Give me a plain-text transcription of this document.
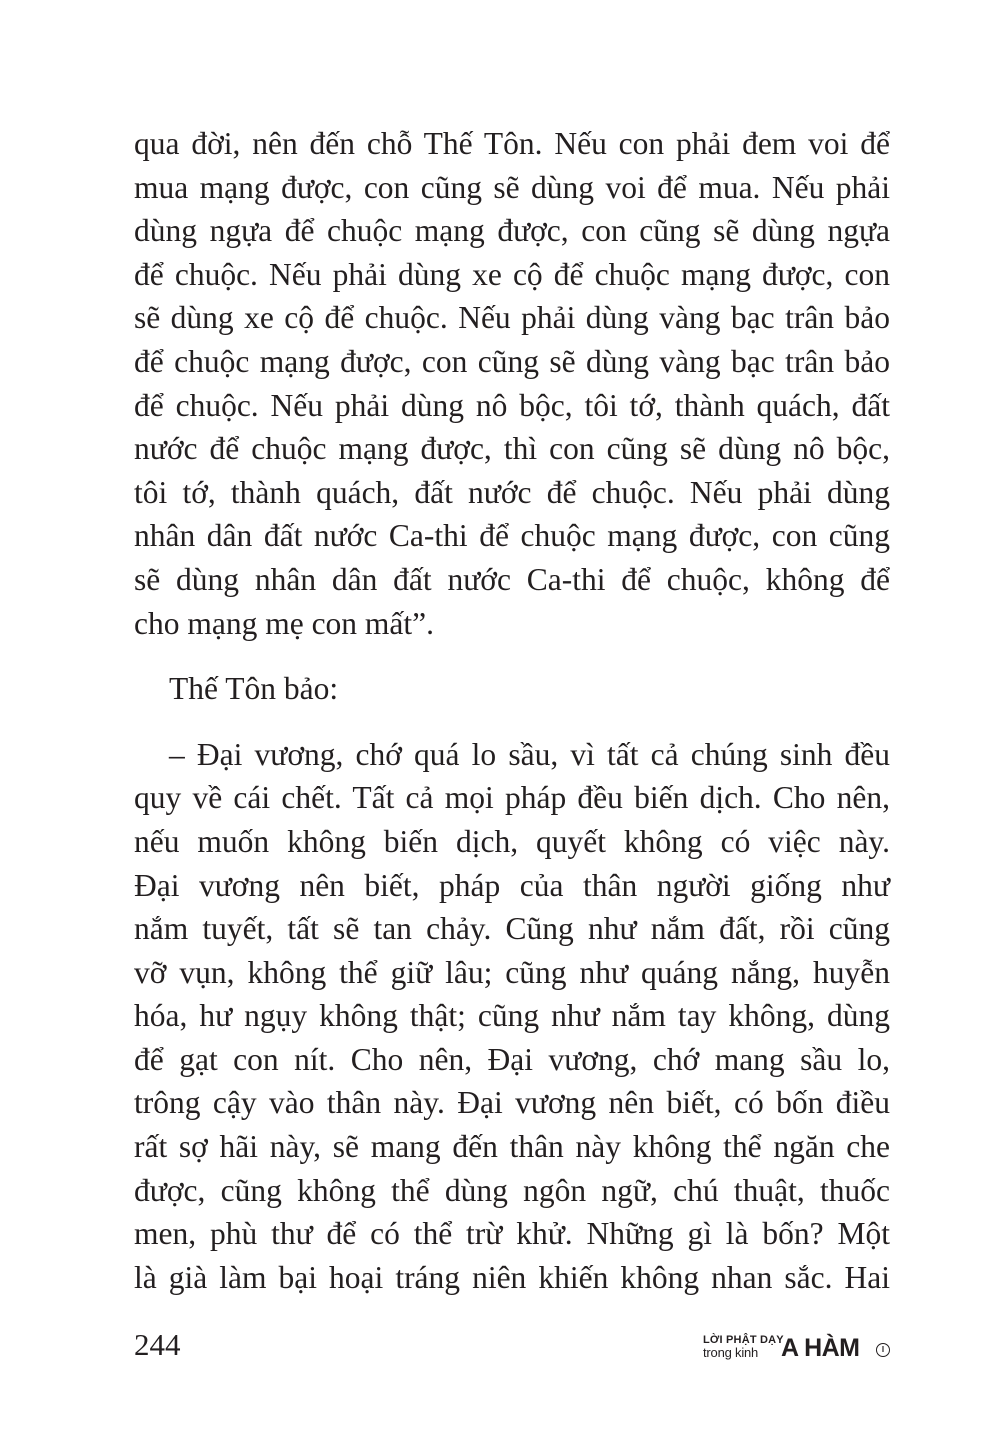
qua đời, nên đến chỗ Thế Tôn. Nếu con phải đem voi để
mua mạng được, con cũng sẽ dùng voi để mua. Nếu phải
dùng ngựa để chuộc mạng được, con cũng sẽ dùng ngựa
để chuộc. Nếu phải dùng xe cộ để chuộc mạng được, con
sẽ dùng xe cộ để chuộc. Nếu phải dùng vàng bạc trân bảo
để chuộc mạng được, con cũng sẽ dùng vàng bạc trân bảo
để chuộc. Nếu phải dùng nô bộc, tôi tớ, thành quách, đất
nước để chuộc mạng được, thì con cũng sẽ dùng nô bộc,
tôi tớ, thành quách, đất nước để chuộc. Nếu phải dùng
nhân dân đất nước Ca-thi để chuộc mạng được, con cũng
sẽ dùng nhân dân đất nước Ca-thi để chuộc, không để
cho mạng mẹ con mất”.
Thế Tôn bảo:
– Đại vương, chớ quá lo sầu, vì tất cả chúng sinh đều
quy về cái chết. Tất cả mọi pháp đều biến dịch. Cho nên,
nếu muốn không biến dịch, quyết không có việc này.
Đại vương nên biết, pháp của thân người giống như
nắm tuyết, tất sẽ tan chảy. Cũng như nắm đất, rồi cũng
vỡ vụn, không thể giữ lâu; cũng như quáng nắng, huyễn
hóa, hư ngụy không thật; cũng như nắm tay không, dùng
để gạt con nít. Cho nên, Đại vương, chớ mang sầu lo,
trông cậy vào thân này. Đại vương nên biết, có bốn điều
rất sợ hãi này, sẽ mang đến thân này không thể ngăn che
được, cũng không thể dùng ngôn ngữ, chú thuật, thuốc
men, phù thư để có thể trừ khử. Những gì là bốn? Một
là già làm bại hoại tráng niên khiến không nhan sắc. Hai
244	LỜI PHẬT DẠY
trong kinh A HÀM	I
